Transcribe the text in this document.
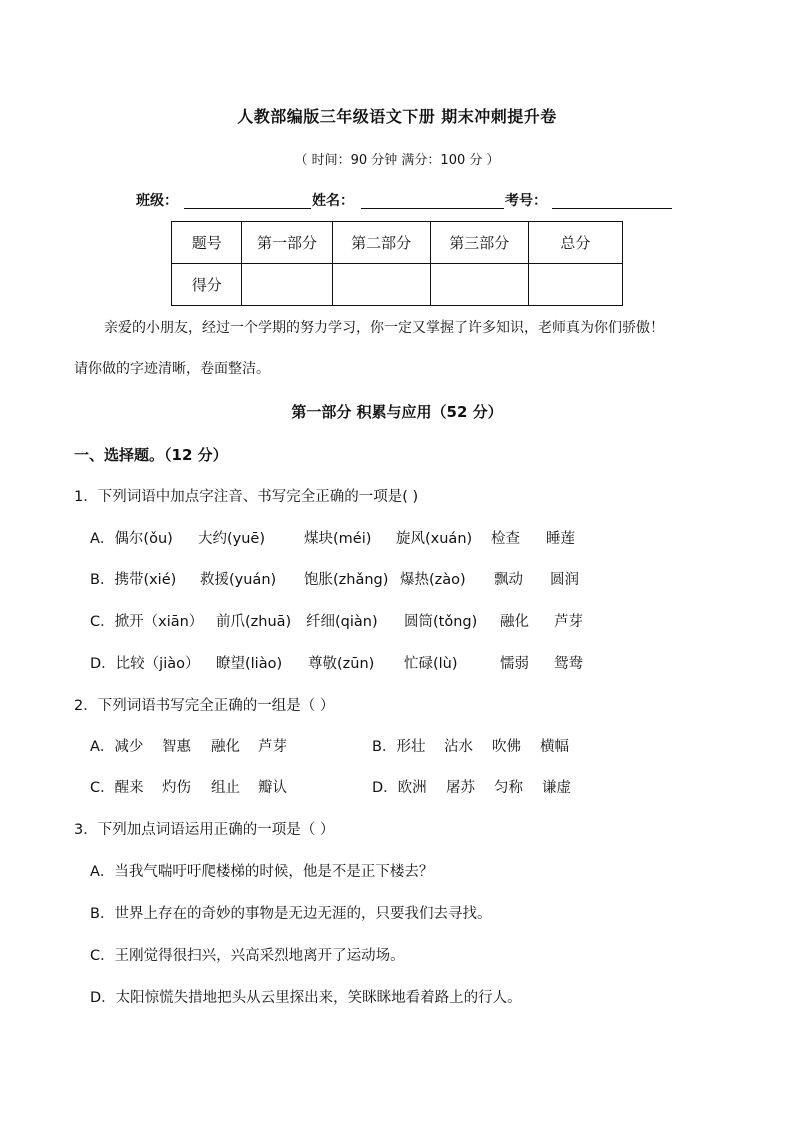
人教部编版三年级语文下册 期末冲刺提升卷
（ 时间：90 分钟 满分：100 分 ）
班级：	姓名：	考号：
题号	第一部分	第二部分	第三部分	总分
得分				
亲爱的小朋友，经过一个学期的努力学习，你一定又掌握了许多知识，老师真为你们骄傲！
请你做的字迹清晰，卷面整洁。
第一部分 积累与应用（52 分）
一、选择题。（12 分）
1．下列词语中加点字注音、书写完全正确的一项是( )
A．偶尔(ǒu) 大约(yuē)	煤块(méi) 旋风(xuán) 检查 睡莲
B．携带(xié) 救援(yuán) 饱胀(zhǎng) 爆热(zào) 飘动 圆润
C．掀开（xiān） 前爪(zhuā) 纤细(qiàn) 圆筒(tǒng) 融化 芦芽
D．比较（jiào） 瞭望(liào) 尊敬(zūn) 忙碌(lù)	懦弱 鸳鸯
2．下列词语书写完全正确的一组是（ ）
A．减少 智惠 融化 芦芽	B．形壮 沾水 吹佛 横幅
C．醒来 灼伤 组止 瓣认	D．欧洲 屠苏 匀称 谦虚
3．下列加点词语运用正确的一项是（ ）
A．当我气喘吁吁爬楼梯的时候，他是不是正下楼去？
B．世界上存在的奇妙的事物是无边无涯的，只要我们去寻找。
C．王刚觉得很扫兴，兴高采烈地离开了运动场。
D．太阳惊慌失措地把头从云里探出来，笑眯眯地看着路上的行人。
